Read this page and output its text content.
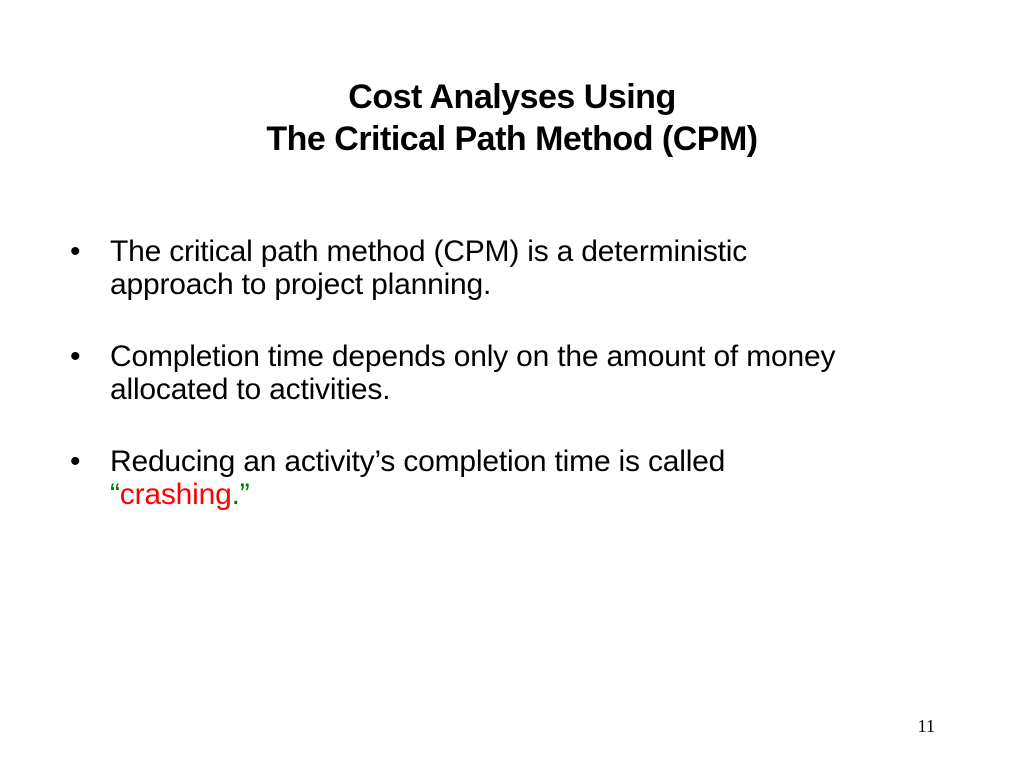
Cost Analyses Using
The Critical Path Method (CPM)
• The critical path method (CPM) is a deterministic
approach to project planning.
• Completion time depends only on the amount of money
allocated to activities.
• Reducing an activity’s completion time is called
“crashing.”
11
